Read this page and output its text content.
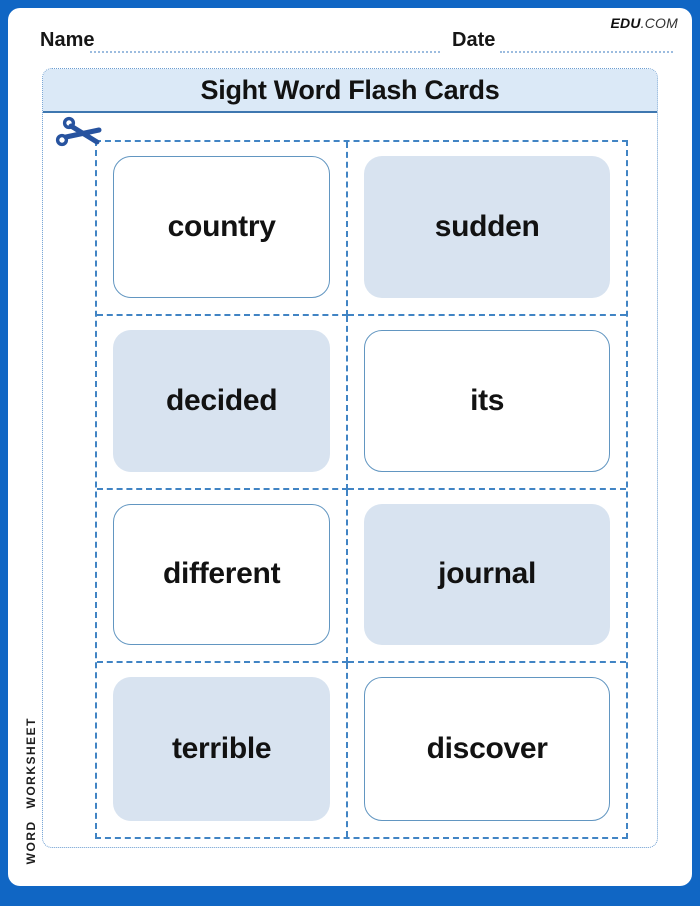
EDU.COM
Name	Date
Sight Word Flash Cards
country	sudden
decided	its
different	journal
terrible	discover
WORD WORKSHEET
